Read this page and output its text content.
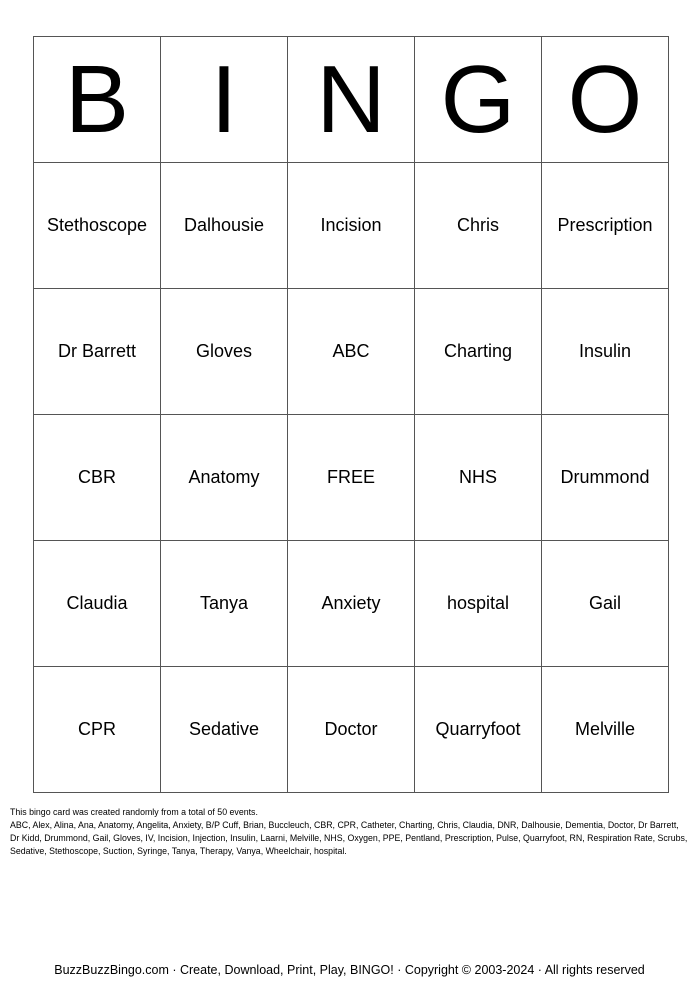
B	I	N	G	O
Stethoscope	Dalhousie	Incision	Chris	Prescription
Dr Barrett	Gloves	ABC	Charting	Insulin
CBR	Anatomy	FREE	NHS	Drummond
Claudia	Tanya	Anxiety	hospital	Gail
CPR	Sedative	Doctor	Quarryfoot	Melville

This bingo card was created randomly from a total of 50 events.

ABC, Alex, Alina, Ana, Anatomy, Angelita, Anxiety, B/P Cuff, Brian, Buccleuch, CBR, CPR, Catheter, Charting, Chris, Claudia, DNR, Dalhousie, Dementia, Doctor, Dr Barrett, Dr Kidd, Drummond, Gail, Gloves, IV, Incision, Injection, Insulin, Laarni, Melville, NHS, Oxygen, PPE, Pentland, Prescription, Pulse, Quarryfoot, RN, Respiration Rate, Scrubs, Sedative, Stethoscope, Suction, Syringe, Tanya, Therapy, Vanya, Wheelchair, hospital.

BuzzBuzzBingo.com · Create, Download, Print, Play, BINGO! · Copyright © 2003-2024 · All rights reserved
